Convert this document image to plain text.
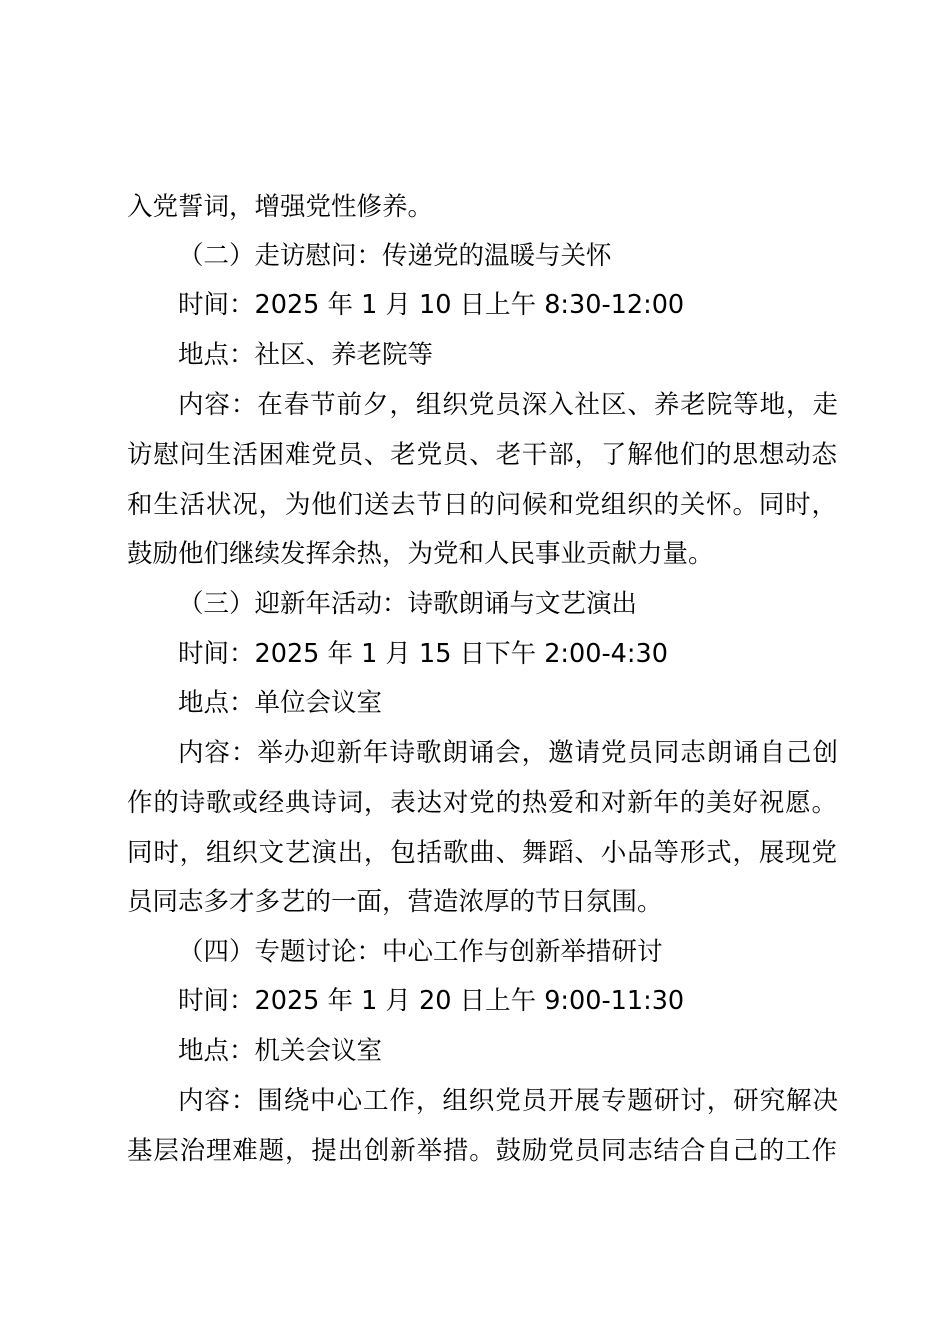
入党誓词，增强党性修养。

（二）走访慰问：传递党的温暖与关怀

时间：2025 年 1 月 10 日上午 8:30-12:00

地点：社区、养老院等

内容：在春节前夕，组织党员深入社区、养老院等地，走

访慰问生活困难党员、老党员、老干部，了解他们的思想动态

和生活状况，为他们送去节日的问候和党组织的关怀。同时，

鼓励他们继续发挥余热，为党和人民事业贡献力量。

（三）迎新年活动：诗歌朗诵与文艺演出

时间：2025 年 1 月 15 日下午 2:00-4:30

地点：单位会议室

内容：举办迎新年诗歌朗诵会，邀请党员同志朗诵自己创

作的诗歌或经典诗词，表达对党的热爱和对新年的美好祝愿。

同时，组织文艺演出，包括歌曲、舞蹈、小品等形式，展现党

员同志多才多艺的一面，营造浓厚的节日氛围。

（四）专题讨论：中心工作与创新举措研讨

时间：2025 年 1 月 20 日上午 9:00-11:30

地点：机关会议室

内容：围绕中心工作，组织党员开展专题研讨，研究解决

基层治理难题，提出创新举措。鼓励党员同志结合自己的工作
